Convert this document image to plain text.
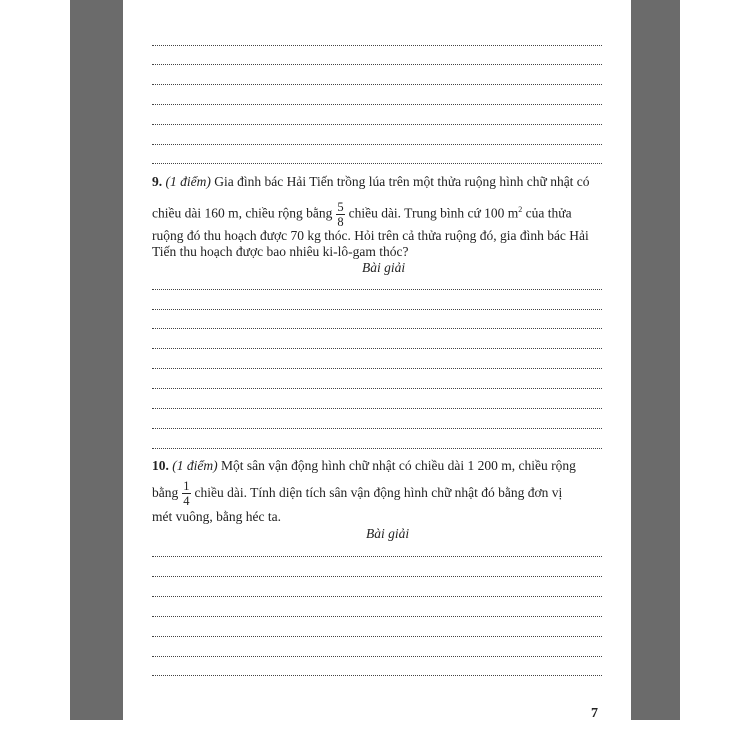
9. (1 điểm) Gia đình bác Hải Tiến trồng lúa trên một thửa ruộng hình chữ nhật có
chiều dài 160 m, chiều rộng bằng $\frac{5}{8}$ chiều dài. Trung bình cứ 100 $m^2$ của thửa
ruộng đó thu hoạch được 70 kg thóc. Hỏi trên cả thửa ruộng đó, gia đình bác Hải
Tiến thu hoạch được bao nhiêu ki-lô-gam thóc?
Bài giải
10. (1 điểm) Một sân vận động hình chữ nhật có chiều dài 1 200 m, chiều rộng
bằng $\frac{1}{4}$ chiều dài. Tính diện tích sân vận động hình chữ nhật đó bằng đơn vị
mét vuông, bằng héc ta.
Bài giải
7
